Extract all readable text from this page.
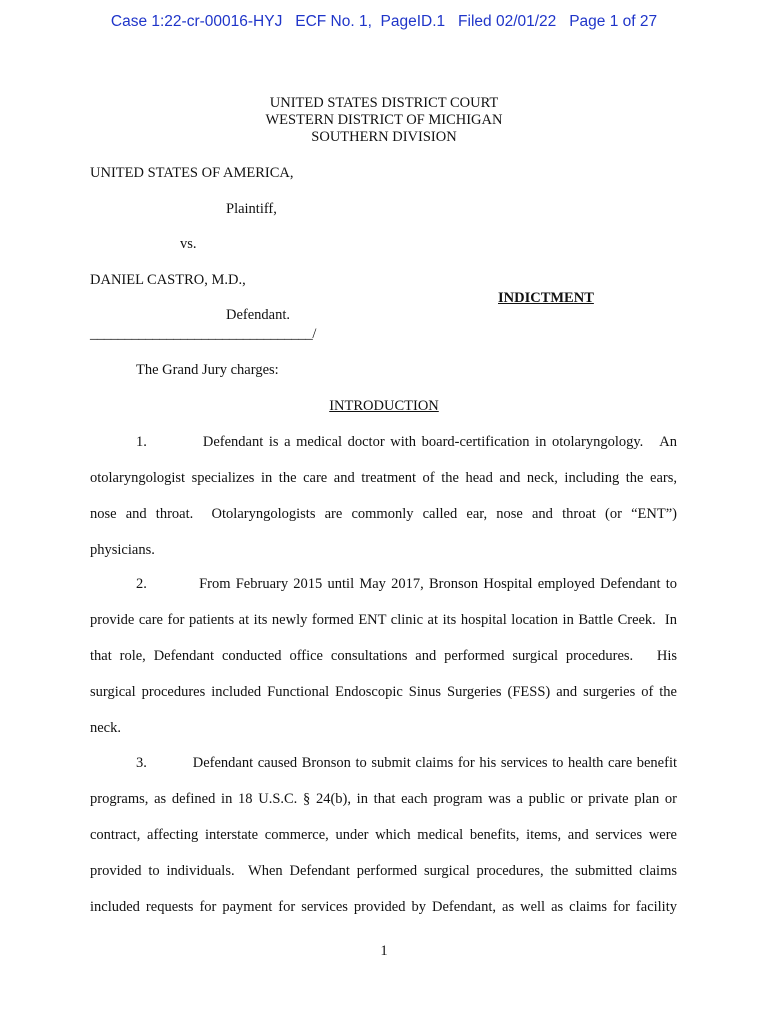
Case 1:22-cr-00016-HYJ   ECF No. 1,  PageID.1   Filed 02/01/22   Page 1 of 27
UNITED STATES DISTRICT COURT
WESTERN DISTRICT OF MICHIGAN
SOUTHERN DIVISION
UNITED STATES OF AMERICA,
Plaintiff,
vs.
DANIEL CASTRO, M.D.,
INDICTMENT
Defendant.
________________________________/
The Grand Jury charges:
INTRODUCTION
1.          Defendant is a medical doctor with board-certification in otolaryngology.   An
otolaryngologist specializes in the care and treatment of the head and neck, including the ears,
nose and throat.  Otolaryngologists are commonly called ear, nose and throat (or “ENT”)
physicians.
2.          From February 2015 until May 2017, Bronson Hospital employed Defendant to
provide care for patients at its newly formed ENT clinic at its hospital location in Battle Creek.  In
that role, Defendant conducted office consultations and performed surgical procedures.   His
surgical procedures included Functional Endoscopic Sinus Surgeries (FESS) and surgeries of the
neck.
3.          Defendant caused Bronson to submit claims for his services to health care benefit
programs, as defined in 18 U.S.C. § 24(b), in that each program was a public or private plan or
contract, affecting interstate commerce, under which medical benefits, items, and services were
provided to individuals.  When Defendant performed surgical procedures, the submitted claims
included requests for payment for services provided by Defendant, as well as claims for facility
1
